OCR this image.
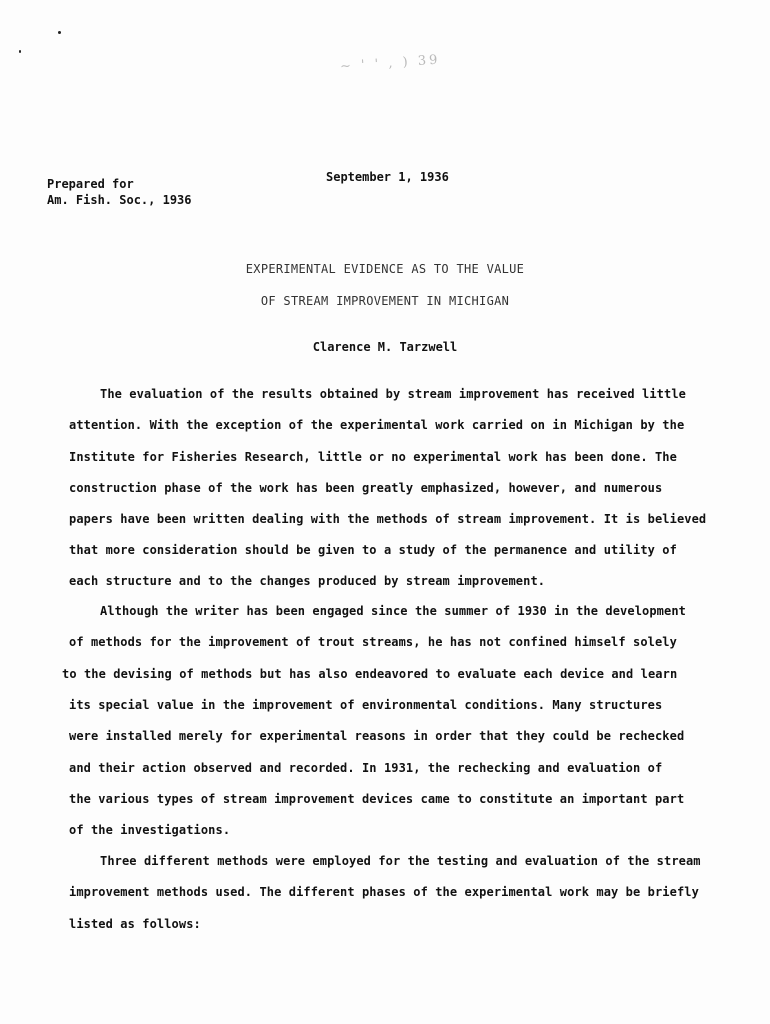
~ ' ' , ) 39
Prepared for
Am. Fish. Soc., 1936
September 1, 1936
EXPERIMENTAL EVIDENCE AS TO THE VALUE
OF STREAM IMPROVEMENT IN MICHIGAN
Clarence M. Tarzwell
The evaluation of the results obtained by stream improvement has received little
attention. With the exception of the experimental work carried on in Michigan by the
Institute for Fisheries Research, little or no experimental work has been done. The
construction phase of the work has been greatly emphasized, however, and numerous
papers have been written dealing with the methods of stream improvement. It is believed
that more consideration should be given to a study of the permanence and utility of
each structure and to the changes produced by stream improvement.
Although the writer has been engaged since the summer of 1930 in the development
of methods for the improvement of trout streams, he has not confined himself solely
to the devising of methods but has also endeavored to evaluate each device and learn
its special value in the improvement of environmental conditions. Many structures
were installed merely for experimental reasons in order that they could be rechecked
and their action observed and recorded. In 1931, the rechecking and evaluation of
the various types of stream improvement devices came to constitute an important part
of the investigations.
Three different methods were employed for the testing and evaluation of the stream
improvement methods used. The different phases of the experimental work may be briefly
listed as follows:
